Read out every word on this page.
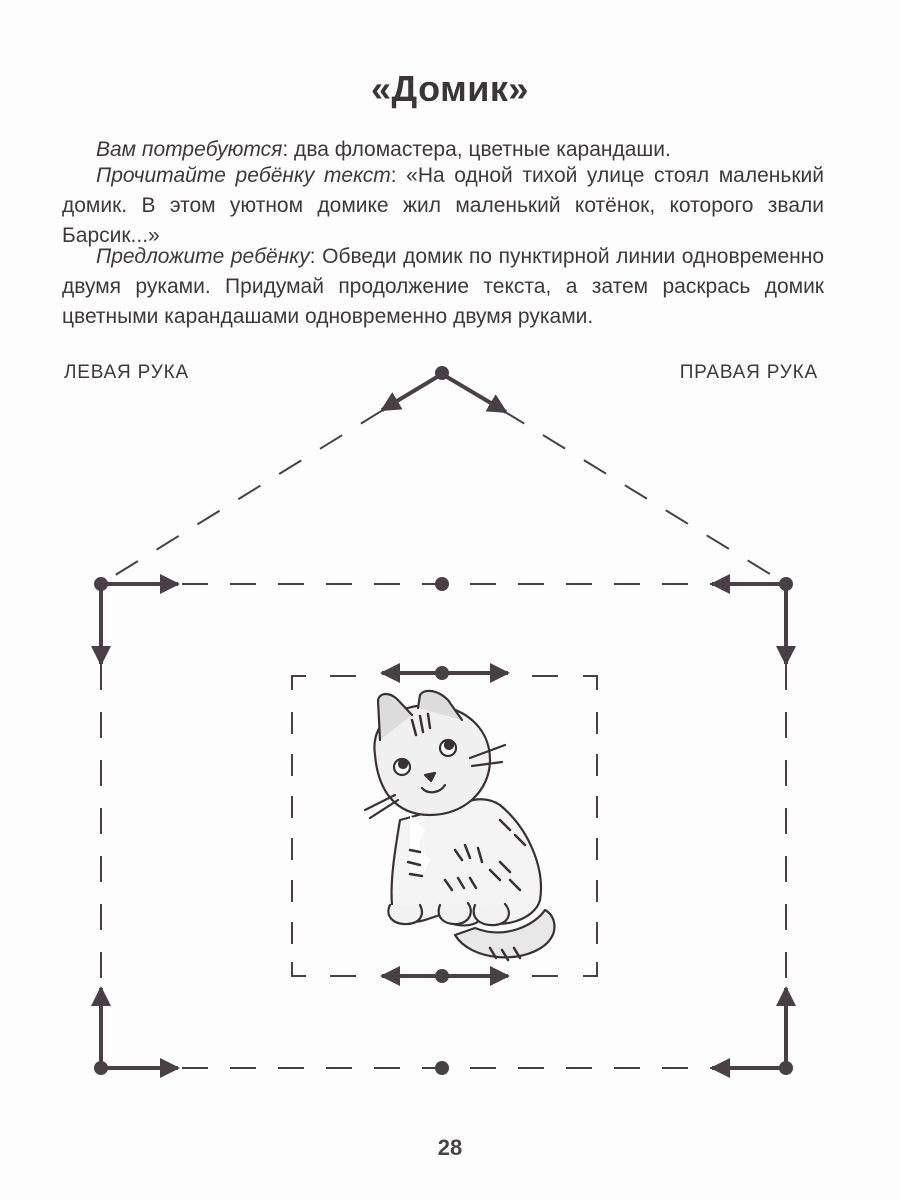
«Домик»
Вам потребуются: два фломастера, цветные карандаши.
Прочитайте ребёнку текст: «На одной тихой улице стоял маленький домик. В этом уютном домике жил маленький котёнок, которого звали Барсик...»
Предложите ребёнку: Обведи домик по пунктирной линии одновременно двумя руками. Придумай продолжение текста, а затем раскрась домик цветными карандашами одновременно двумя руками.
ЛЕВАЯ РУКА	ПРАВАЯ РУКА
28
